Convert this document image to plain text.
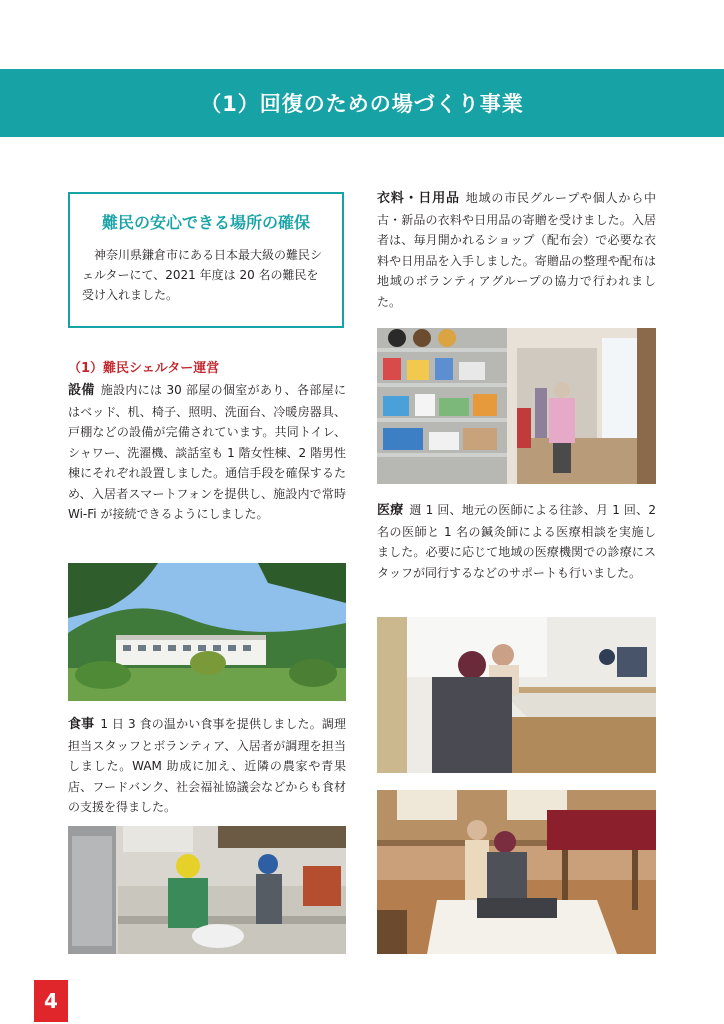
（1）回復のための場づくり事業
難民の安心できる場所の確保

神奈川県鎌倉市にある日本最大級の難民シェルターにて、2021 年度は 20 名の難民を受け入れました。

（1）難民シェルター運営

設備 施設内には 30 部屋の個室があり、各部屋にはベッド、机、椅子、照明、洗面台、冷暖房器具、戸棚などの設備が完備されています。共同トイレ、シャワー、洗濯機、談話室も 1 階女性棟、2 階男性棟にそれぞれ設置しました。通信手段を確保するため、入居者スマートフォンを提供し、施設内で常時 Wi-Fi が接続できるようにしました。

食事 1 日 3 食の温かい食事を提供しました。調理担当スタッフとボランティア、入居者が調理を担当しました。WAM 助成に加え、近隣の農家や青果店、フードバンク、社会福祉協議会などからも食材の支援を得ました。

衣料・日用品 地域の市民グループや個人から中古・新品の衣料や日用品の寄贈を受けました。入居者は、毎月開かれるショップ（配布会）で必要な衣料や日用品を入手しました。寄贈品の整理や配布は地域のボランティアグループの協力で行われました。

医療 週 1 回、地元の医師による往診、月 1 回、2 名の医師と 1 名の鍼灸師による医療相談を実施しました。必要に応じて地域の医療機関での診療にスタッフが同行するなどのサポートも行いました。

4
